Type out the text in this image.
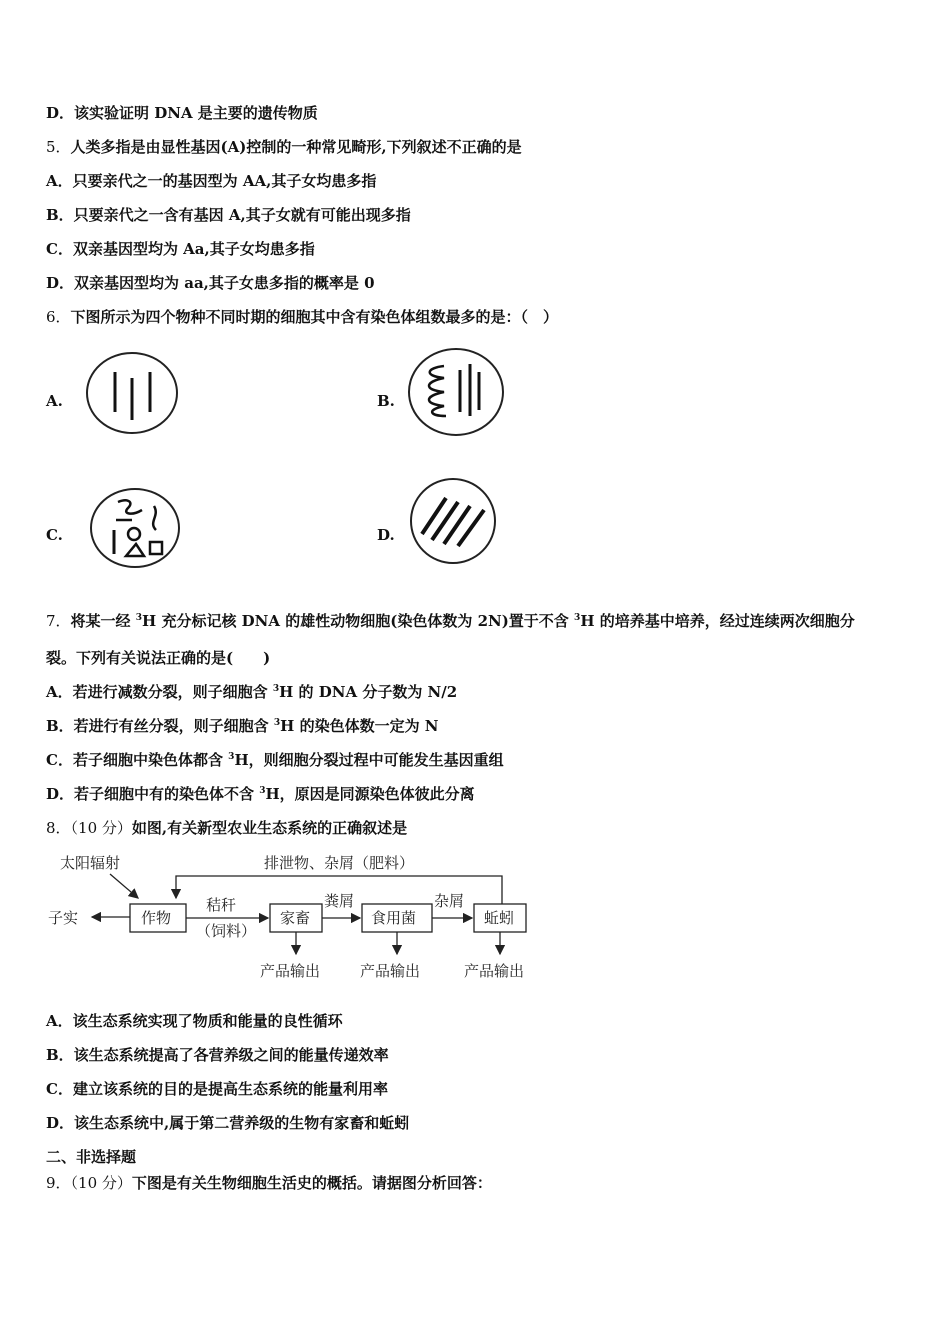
D．该实验证明 DNA 是主要的遗传物质
5．人类多指是由显性基因(A)控制的一种常见畸形,下列叙述不正确的是
A．只要亲代之一的基因型为 AA,其子女均患多指
B．只要亲代之一含有基因 A,其子女就有可能出现多指
C．双亲基因型均为 Aa,其子女均患多指
D．双亲基因型均为 aa,其子女患多指的概率是 0
6．下图所示为四个物种不同时期的细胞其中含有染色体组数最多的是：（　）
A.	B.
C.	D.
7．将某一经 $^3$H 充分标记核 DNA 的雄性动物细胞(染色体数为 2N)置于不含 $^3$H 的培养基中培养，经过连续两次细胞分
裂。下列有关说法正确的是(　　)
A．若进行减数分裂，则子细胞含 $^3$H 的 DNA 分子数为 N/2
B．若进行有丝分裂，则子细胞含 $^3$H 的染色体数一定为 N
C．若子细胞中染色体都含 $^3$H，则细胞分裂过程中可能发生基因重组
D．若子细胞中有的染色体不含 $^3$H，原因是同源染色体彼此分离
8．（10 分）如图,有关新型农业生态系统的正确叙述是
太阳辐射	排泄物、杂屑（肥料）
子实	作物
秸秆
（饲料）
家畜
粪屑
食用菌
杂屑
蚯蚓
产品输出	产品输出	产品输出
A．该生态系统实现了物质和能量的良性循环
B．该生态系统提高了各营养级之间的能量传递效率
C．建立该系统的目的是提高生态系统的能量利用率
D．该生态系统中,属于第二营养级的生物有家畜和蚯蚓
二、非选择题
9．（10 分）下图是有关生物细胞生活史的概括。请据图分析回答：
